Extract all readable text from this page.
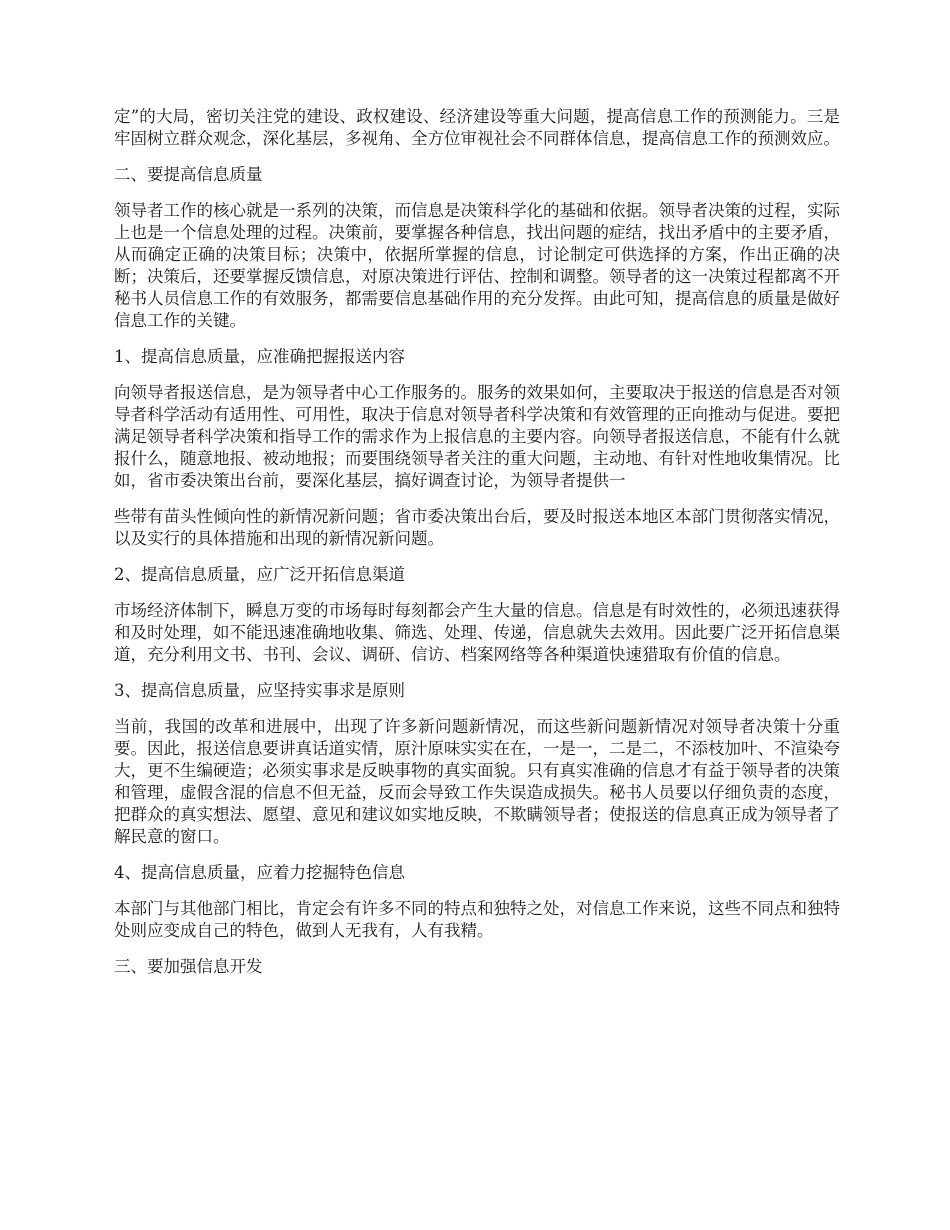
定”的大局，密切关注党的建设、政权建设、经济建设等重大问题，提高信息工作的预测能力。三是牢固树立群众观念，深化基层，多视角、全方位审视社会不同群体信息，提高信息工作的预测效应。

二、要提高信息质量

领导者工作的核心就是一系列的决策，而信息是决策科学化的基础和依据。领导者决策的过程，实际上也是一个信息处理的过程。决策前，要掌握各种信息，找出问题的症结，找出矛盾中的主要矛盾，从而确定正确的决策目标；决策中，依据所掌握的信息，讨论制定可供选择的方案，作出正确的决断；决策后，还要掌握反馈信息，对原决策进行评估、控制和调整。领导者的这一决策过程都离不开秘书人员信息工作的有效服务，都需要信息基础作用的充分发挥。由此可知，提高信息的质量是做好信息工作的关键。

1、提高信息质量，应准确把握报送内容

向领导者报送信息，是为领导者中心工作服务的。服务的效果如何，主要取决于报送的信息是否对领导者科学活动有适用性、可用性，取决于信息对领导者科学决策和有效管理的正向推动与促进。要把满足领导者科学决策和指导工作的需求作为上报信息的主要内容。向领导者报送信息，不能有什么就报什么，随意地报、被动地报；而要围绕领导者关注的重大问题，主动地、有针对性地收集情况。比如，省市委决策出台前，要深化基层，搞好调查讨论，为领导者提供一

些带有苗头性倾向性的新情况新问题；省市委决策出台后，要及时报送本地区本部门贯彻落实情况，以及实行的具体措施和出现的新情况新问题。

2、提高信息质量，应广泛开拓信息渠道

市场经济体制下，瞬息万变的市场每时每刻都会产生大量的信息。信息是有时效性的，必须迅速获得和及时处理，如不能迅速准确地收集、筛选、处理、传递，信息就失去效用。因此要广泛开拓信息渠道，充分利用文书、书刊、会议、调研、信访、档案网络等各种渠道快速猎取有价值的信息。

3、提高信息质量，应坚持实事求是原则

当前，我国的改革和进展中，出现了许多新问题新情况，而这些新问题新情况对领导者决策十分重要。因此，报送信息要讲真话道实情，原汁原味实实在在，一是一，二是二，不添枝加叶、不渲染夸大，更不生编硬造；必须实事求是反映事物的真实面貌。只有真实准确的信息才有益于领导者的决策和管理，虚假含混的信息不但无益，反而会导致工作失误造成损失。秘书人员要以仔细负责的态度，把群众的真实想法、愿望、意见和建议如实地反映，不欺瞒领导者；使报送的信息真正成为领导者了解民意的窗口。

4、提高信息质量，应着力挖掘特色信息

本部门与其他部门相比，肯定会有许多不同的特点和独特之处，对信息工作来说，这些不同点和独特处则应变成自己的特色，做到人无我有，人有我精。

三、要加强信息开发
